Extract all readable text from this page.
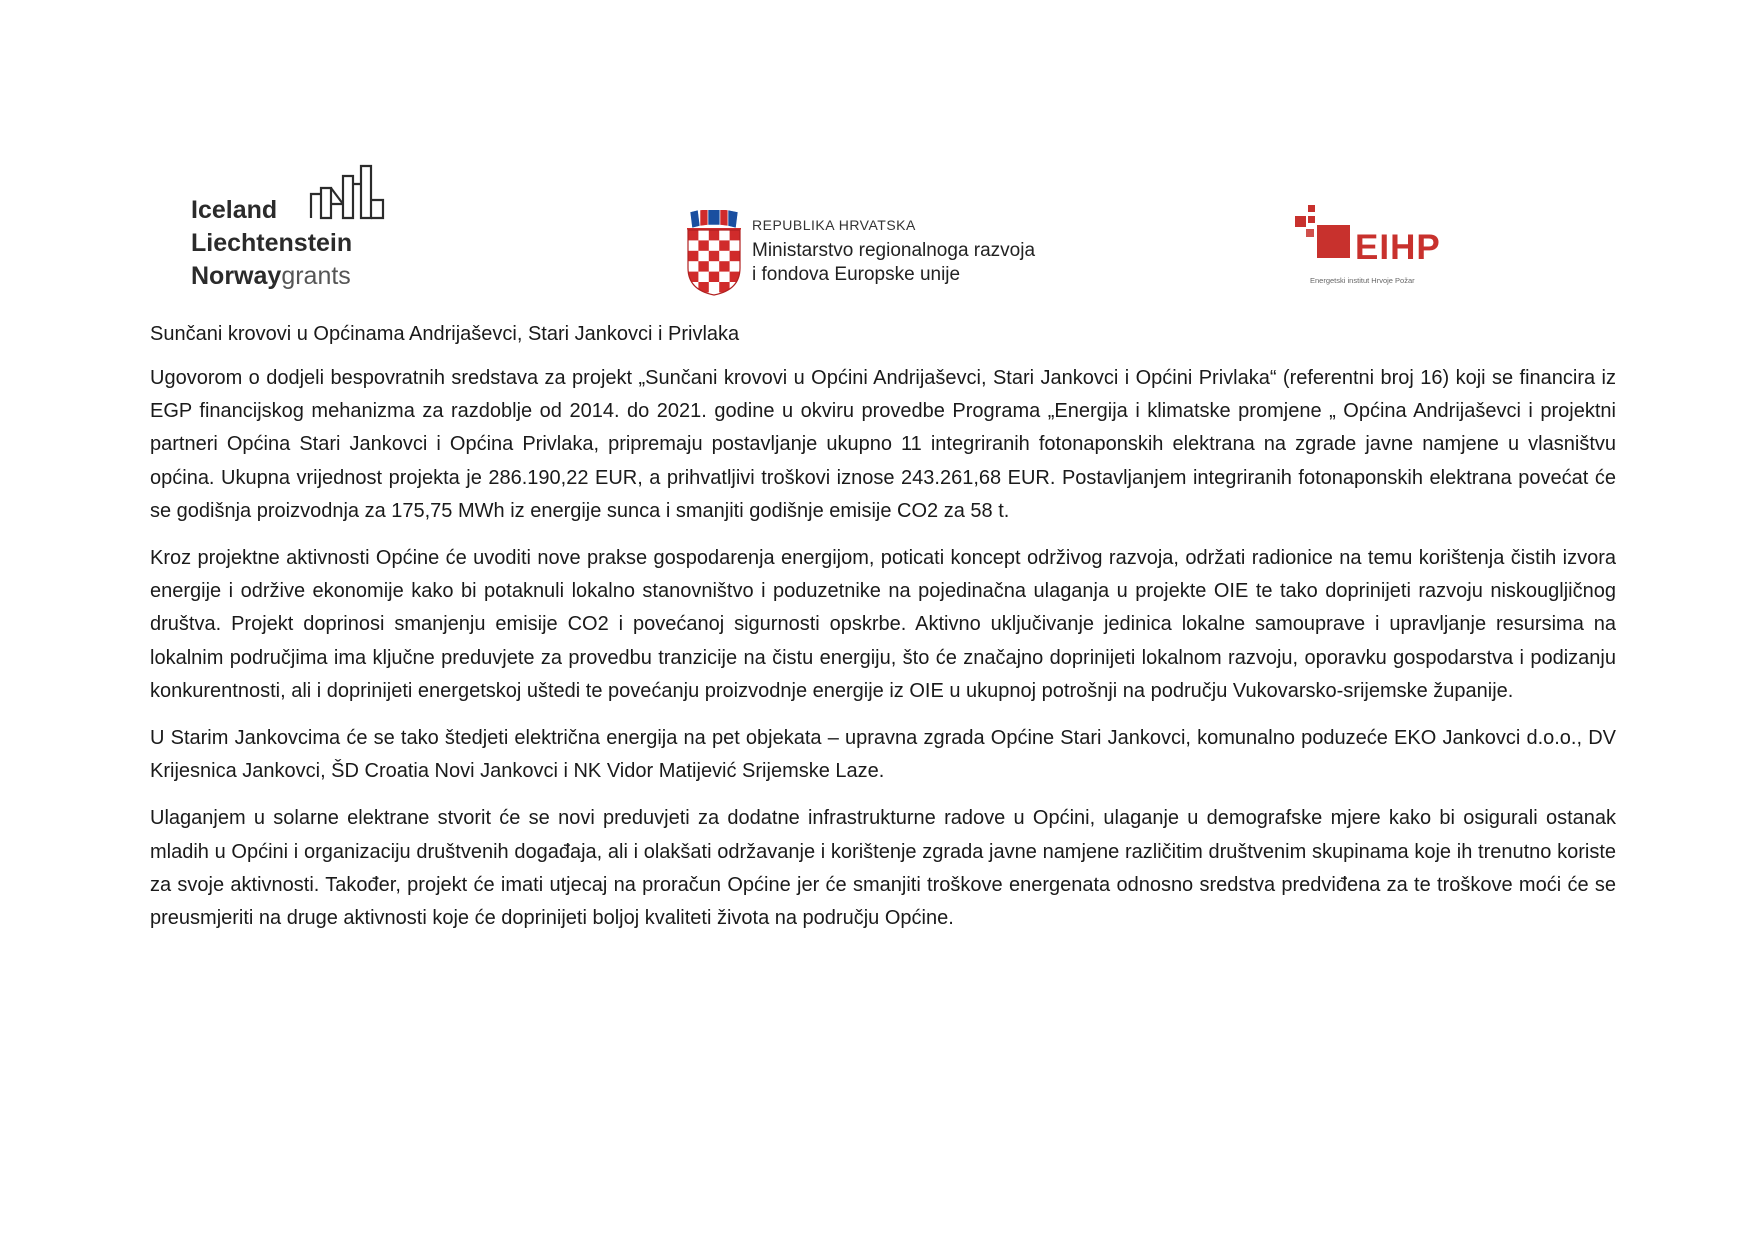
Iceland
Liechtenstein
Norwaygrants
REPUBLIKA HRVATSKA
Ministarstvo regionalnoga razvoja
i fondova Europske unije
EIHP
Energetski institut Hrvoje Požar
Sunčani krovovi u Općinama Andrijaševci, Stari Jankovci i Privlaka

Ugovorom o dodjeli bespovratnih sredstava za projekt „Sunčani krovovi u Općini Andrijaševci, Stari Jankovci i Općini Privlaka“ (referentni broj 16) koji se financira iz EGP financijskog mehanizma za razdoblje od 2014. do 2021. godine u okviru provedbe Programa „Energija i klimatske promjene „ Općina Andrijaševci i projektni partneri Općina Stari Jankovci i Općina Privlaka, pripremaju postavljanje ukupno 11 integriranih fotonaponskih elektrana na zgrade javne namjene u vlasništvu općina. Ukupna vrijednost projekta je 286.190,22 EUR, a prihvatljivi troškovi iznose 243.261,68 EUR. Postavljanjem integriranih fotonaponskih elektrana povećat će se godišnja proizvodnja za 175,75 MWh iz energije sunca i smanjiti godišnje emisije CO2 za 58 t.

Kroz projektne aktivnosti Općine će uvoditi nove prakse gospodarenja energijom, poticati koncept održivog razvoja, održati radionice na temu korištenja čistih izvora energije i održive ekonomije kako bi potaknuli lokalno stanovništvo i poduzetnike na pojedinačna ulaganja u projekte OIE te tako doprinijeti razvoju niskougljičnog društva. Projekt doprinosi smanjenju emisije CO2 i povećanoj sigurnosti opskrbe. Aktivno uključivanje jedinica lokalne samouprave i upravljanje resursima na lokalnim područjima ima ključne preduvjete za provedbu tranzicije na čistu energiju, što će značajno doprinijeti lokalnom razvoju, oporavku gospodarstva i podizanju konkurentnosti, ali i doprinijeti energetskoj uštedi te povećanju proizvodnje energije iz OIE u ukupnoj potrošnji na području Vukovarsko-srijemske županije.

U Starim Jankovcima će se tako štedjeti električna energija na pet objekata – upravna zgrada Općine Stari Jankovci, komunalno poduzeće EKO Jankovci d.o.o., DV Krijesnica Jankovci, ŠD Croatia Novi Jankovci i NK Vidor Matijević Srijemske Laze.

Ulaganjem u solarne elektrane stvorit će se novi preduvjeti za dodatne infrastrukturne radove u Općini, ulaganje u demografske mjere kako bi osigurali ostanak mladih u Općini i organizaciju društvenih događaja, ali i olakšati održavanje i korištenje zgrada javne namjene različitim društvenim skupinama koje ih trenutno koriste za svoje aktivnosti. Također, projekt će imati utjecaj na proračun Općine jer će smanjiti troškove energenata odnosno sredstva predviđena za te troškove moći će se preusmjeriti na druge aktivnosti koje će doprinijeti boljoj kvaliteti života na području Općine.
